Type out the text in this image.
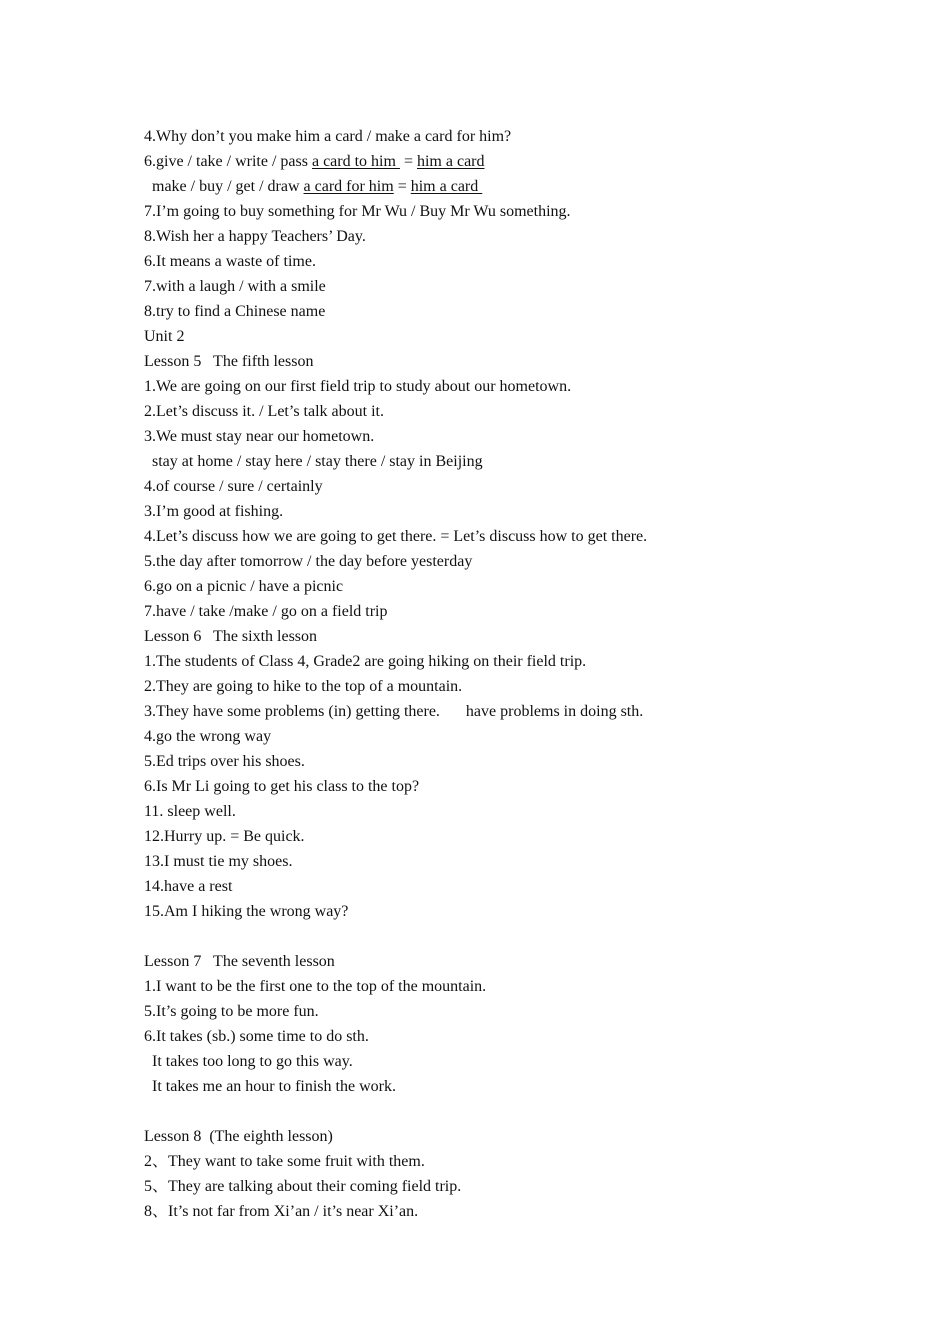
4.Why don’t you make him a card / make a card for him?
6.give / take / write / pass a card to him  = him a card
make / buy / get / draw a card for him = him a card
7.I’m going to buy something for Mr Wu / Buy Mr Wu something.
8.Wish her a happy Teachers’ Day.
6.It means a waste of time.
7.with a laugh / with a smile
8.try to find a Chinese name
Unit 2
Lesson 5   The fifth lesson
1.We are going on our first field trip to study about our hometown.
2.Let’s discuss it. / Let’s talk about it.
3.We must stay near our hometown.
stay at home / stay here / stay there / stay in Beijing
4.of course / sure / certainly
3.I’m good at fishing.
4.Let’s discuss how we are going to get there. = Let’s discuss how to get there.
5.the day after tomorrow / the day before yesterday
6.go on a picnic / have a picnic
7.have / take /make / go on a field trip
Lesson 6   The sixth lesson
1.The students of Class 4, Grade2 are going hiking on their field trip.
2.They are going to hike to the top of a mountain.
3.They have some problems (in) getting there. have problems in doing sth.
4.go the wrong way
5.Ed trips over his shoes.
6.Is Mr Li going to get his class to the top?
11. sleep well.
12.Hurry up. = Be quick.
13.I must tie my shoes.
14.have a rest
15.Am I hiking the wrong way?
Lesson 7   The seventh lesson
1.I want to be the first one to the top of the mountain.
5.It’s going to be more fun.
6.It takes (sb.) some time to do sth.
It takes too long to go this way.
It takes me an hour to finish the work.
Lesson 8  (The eighth lesson)
2、They want to take some fruit with them.
5、They are talking about their coming field trip.
8、It’s not far from Xi’an / it’s near Xi’an.
